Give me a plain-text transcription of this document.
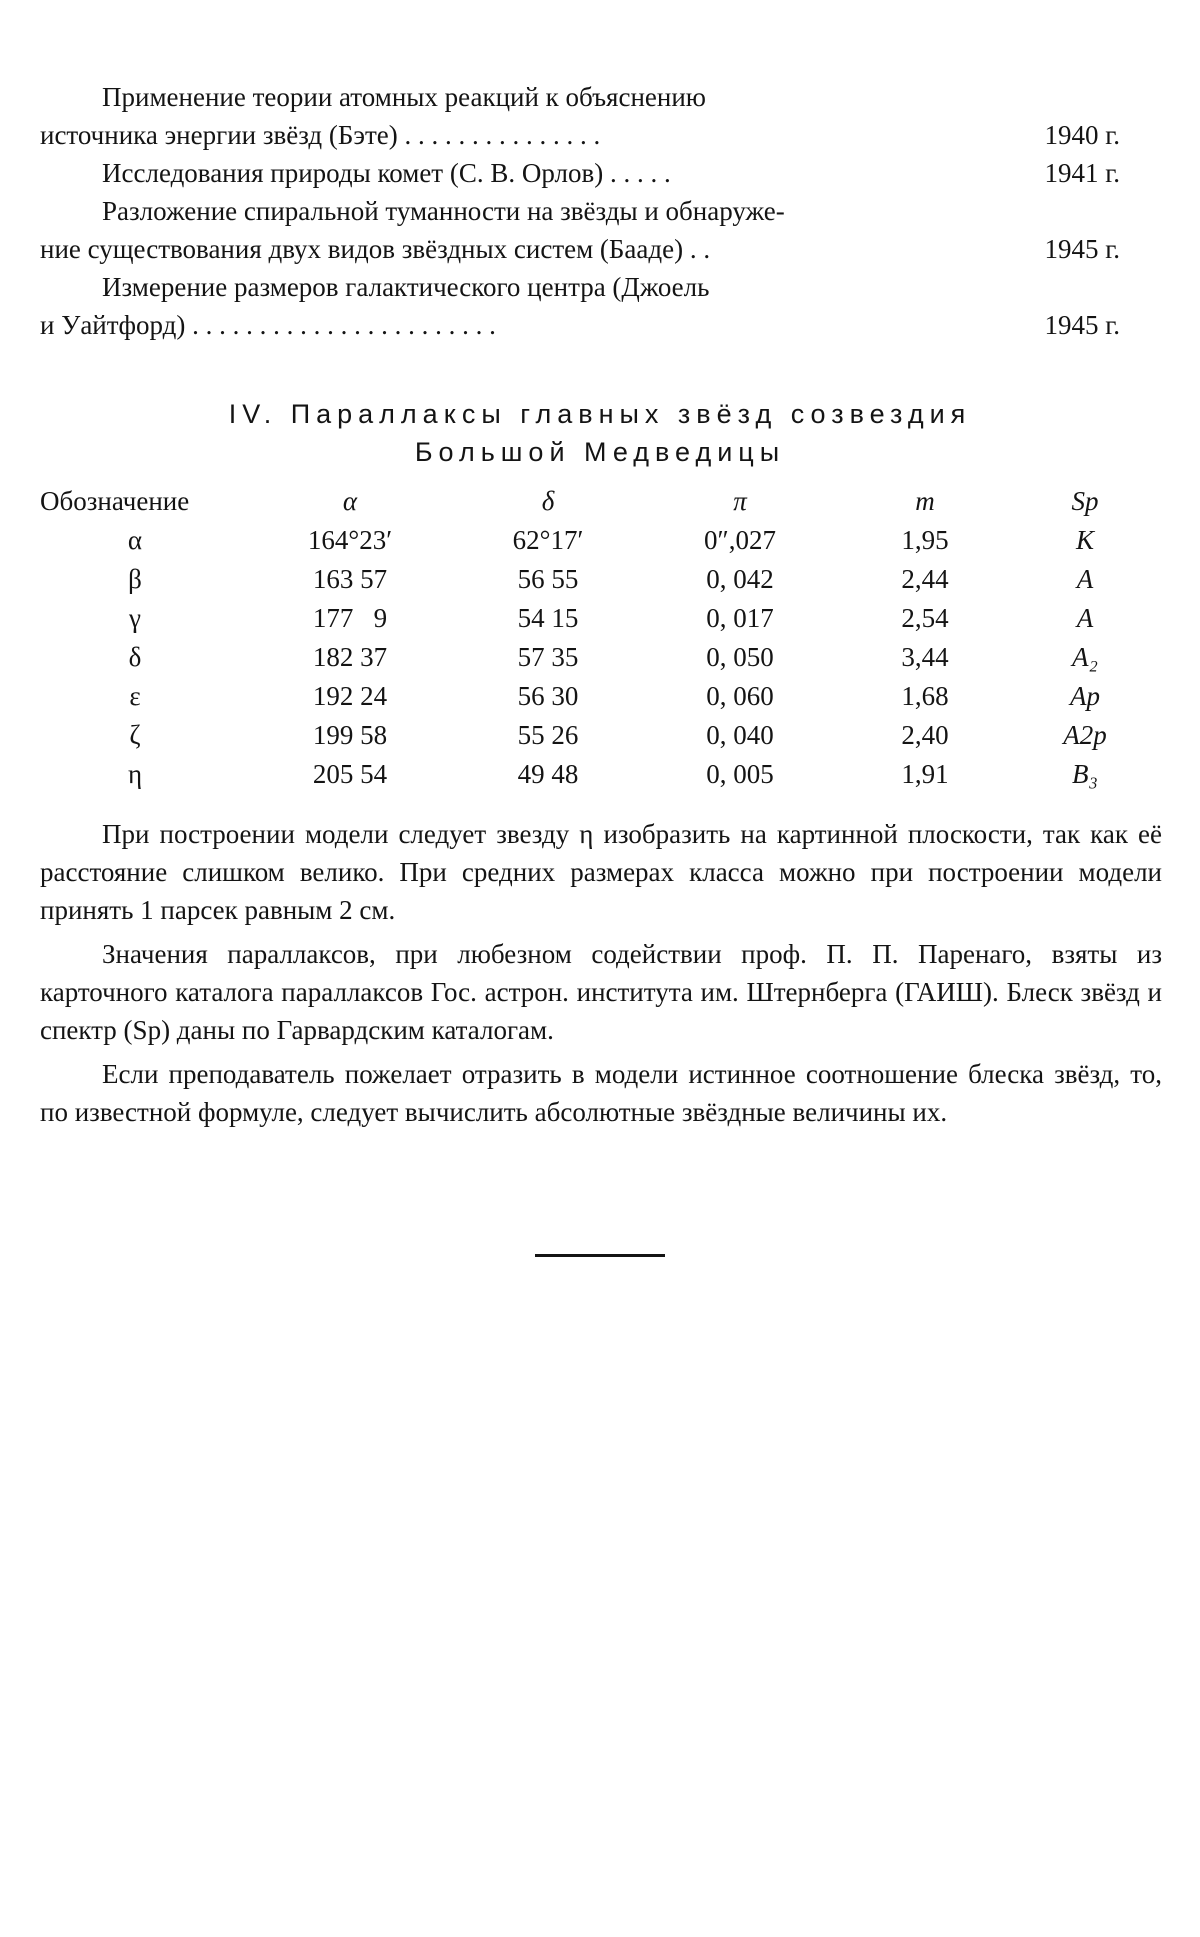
Применение теории атомных реакций к объяснению
источника энергии звёзд (Бэте) . . . . . . . . . . . . . . .	1940 г.
Исследования природы комет (С. В. Орлов) . . . . .	1941 г.
Разложение спиральной туманности на звёзды и обнаруже-
ние существования двух видов звёздных систем (Бааде) . .	1945 г.
Измерение размеров галактического центра (Джоель
и Уайтфорд) . . . . . . . . . . . . . . . . . . . . . . .	1945 г.
IV. Параллаксы главных звёзд созвездия
Большой Медведицы
Обозначение	α	δ	π	m	Sp
α	164°23′	62°17′	0″,027	1,95	K
β	163 57	56 55	0, 042	2,44	A
γ	177   9	54 15	0, 017	2,54	A
δ	182 37	57 35	0, 050	3,44	A₂
ε	192 24	56 30	0, 060	1,68	Ap
ζ	199 58	55 26	0, 040	2,40	A2p
η	205 54	49 48	0, 005	1,91	B₃

При построении модели следует звезду η изобразить на картинной плоскости, так как её расстояние слишком велико. При средних размерах класса можно при построении модели принять 1 парсек равным 2 см.

Значения параллаксов, при любезном содействии проф. П. П. Паренаго, взяты из карточного каталога параллаксов Гос. астрон. института им. Штернберга (ГАИШ). Блеск звёзд и спектр (Sp) даны по Гарвардским каталогам.

Если преподаватель пожелает отразить в модели истинное соотношение блеска звёзд, то, по известной формуле, следует вычислить абсолютные звёздные величины их.
